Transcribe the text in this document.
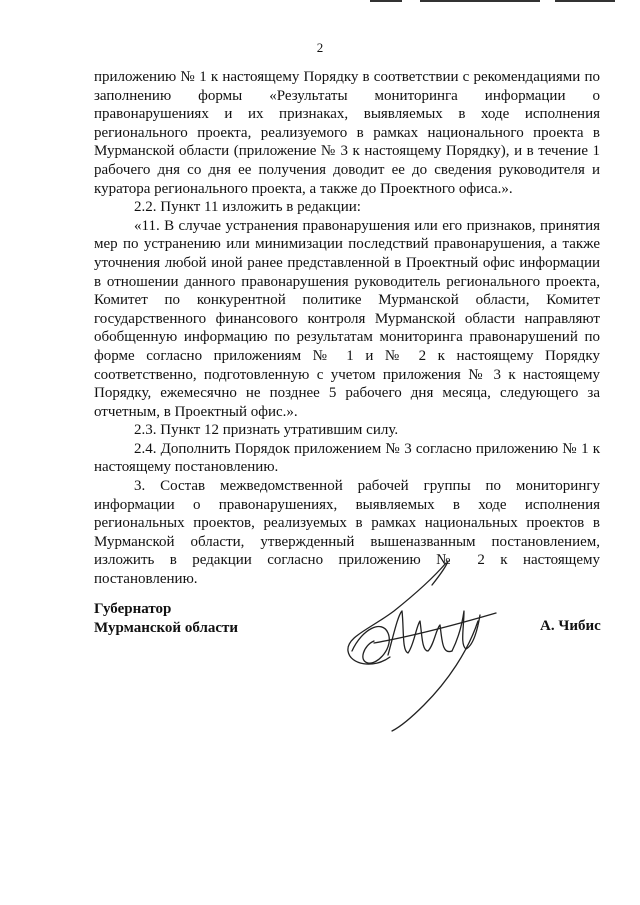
2

приложению № 1 к настоящему Порядку в соответствии с рекомендациями по заполнению формы «Результаты мониторинга информации о правонарушениях и их признаках, выявляемых в ходе исполнения регионального проекта, реализуемого в рамках национального проекта в Мурманской области (приложение № 3 к настоящему Порядку), и в течение 1 рабочего дня со дня ее получения доводит ее до сведения руководителя и куратора регионального проекта, а также до Проектного офиса.».

2.2. Пункт 11 изложить в редакции:

«11. В случае устранения правонарушения или его признаков, принятия мер по устранению или минимизации последствий правонарушения, а также уточнения любой иной ранее представленной в Проектный офис информации в отношении данного правонарушения руководитель регионального проекта, Комитет по конкурентной политике Мурманской области, Комитет государственного финансового контроля Мурманской области направляют обобщенную информацию по результатам мониторинга правонарушений по форме согласно приложениям № 1 и № 2 к настоящему Порядку соответственно, подготовленную с учетом приложения № 3 к настоящему Порядку, ежемесячно не позднее 5 рабочего дня месяца, следующего за отчетным, в Проектный офис.».

2.3. Пункт 12 признать утратившим силу.

2.4. Дополнить Порядок приложением № 3 согласно приложению № 1 к настоящему постановлению.

3. Состав межведомственной рабочей группы по мониторингу информации о правонарушениях, выявляемых в ходе исполнения региональных проектов, реализуемых в рамках национальных проектов в Мурманской области, утвержденный вышеназванным постановлением, изложить в редакции согласно приложению № 2 к настоящему постановлению.

Губернатор
Мурманской области	А. Чибис
